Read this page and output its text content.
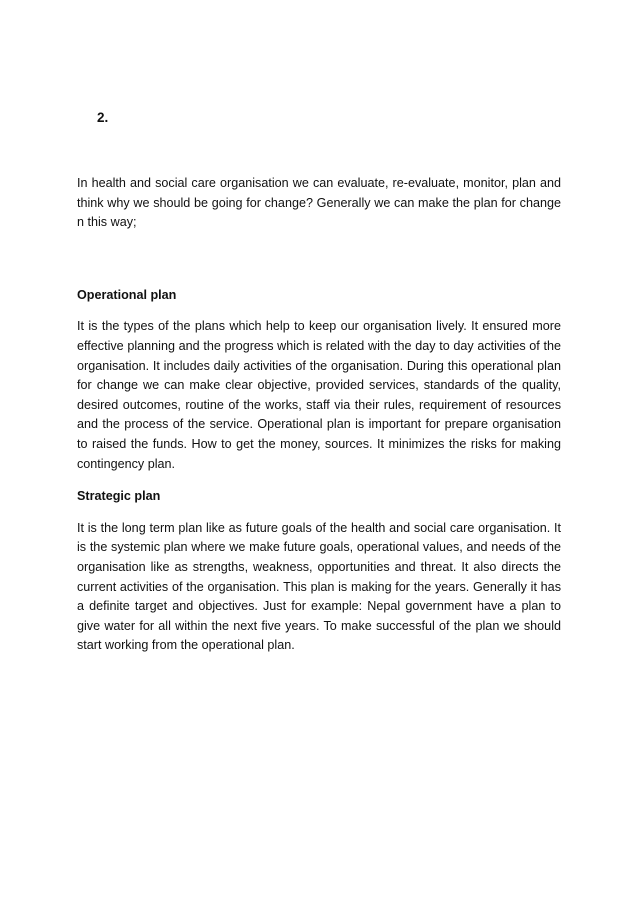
2.

In health and social care organisation we can evaluate, re-evaluate, monitor, plan and think why we should be going for change? Generally we can make the plan for change n this way;

Operational plan

It is the types of the plans which help to keep our organisation lively. It ensured more effective planning and the progress which is related with the day to day activities of the organisation. It includes daily activities of the organisation. During this operational plan for change we can make clear objective, provided services, standards of the quality, desired outcomes, routine of the works, staff via their rules, requirement of resources and the process of the service. Operational plan is important for prepare organisation to raised the funds. How to get the money, sources. It minimizes the risks for making contingency plan.

Strategic plan

It is the long term plan like as future goals of the health and social care organisation. It is the systemic plan where we make future goals, operational values, and needs of the organisation like as strengths, weakness, opportunities and threat. It also directs the current activities of the organisation. This plan is making for the years. Generally it has a definite target and objectives. Just for example: Nepal government have a plan to give water for all within the next five years. To make successful of the plan we should start working from the operational plan.
